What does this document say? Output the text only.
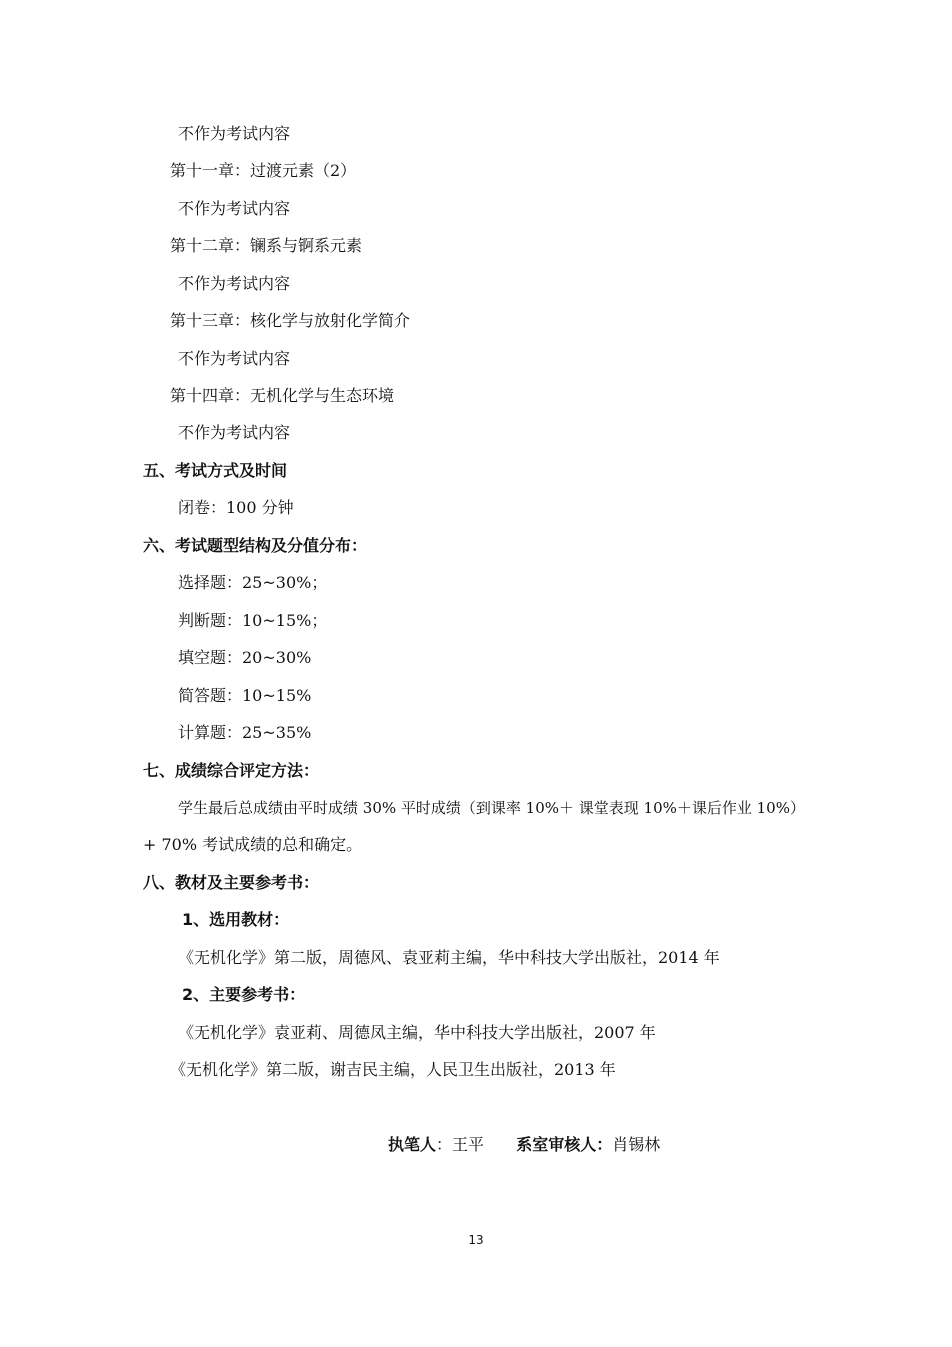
不作为考试内容
第十一章：过渡元素（2）
不作为考试内容
第十二章：镧系与锕系元素
不作为考试内容
第十三章：核化学与放射化学简介
不作为考试内容
第十四章：无机化学与生态环境
不作为考试内容
五、考试方式及时间
闭卷：100 分钟
六、考试题型结构及分值分布：
选择题：25~30%；
判断题：10~15%；
填空题：20~30%
简答题：10~15%
计算题：25~35%
七、成绩综合评定方法：
学生最后总成绩由平时成绩 30% 平时成绩（到课率 10%＋ 课堂表现 10%＋课后作业 10%）
+ 70% 考试成绩的总和确定。
八、教材及主要参考书：
1、选用教材：
《无机化学》第二版，周德风、袁亚莉主编，华中科技大学出版社，2014 年
2、主要参考书：
《无机化学》袁亚莉、周德凤主编，华中科技大学出版社，2007 年
《无机化学》第二版，谢吉民主编，人民卫生出版社，2013 年
执笔人：王平 系室审核人：肖锡林
13
